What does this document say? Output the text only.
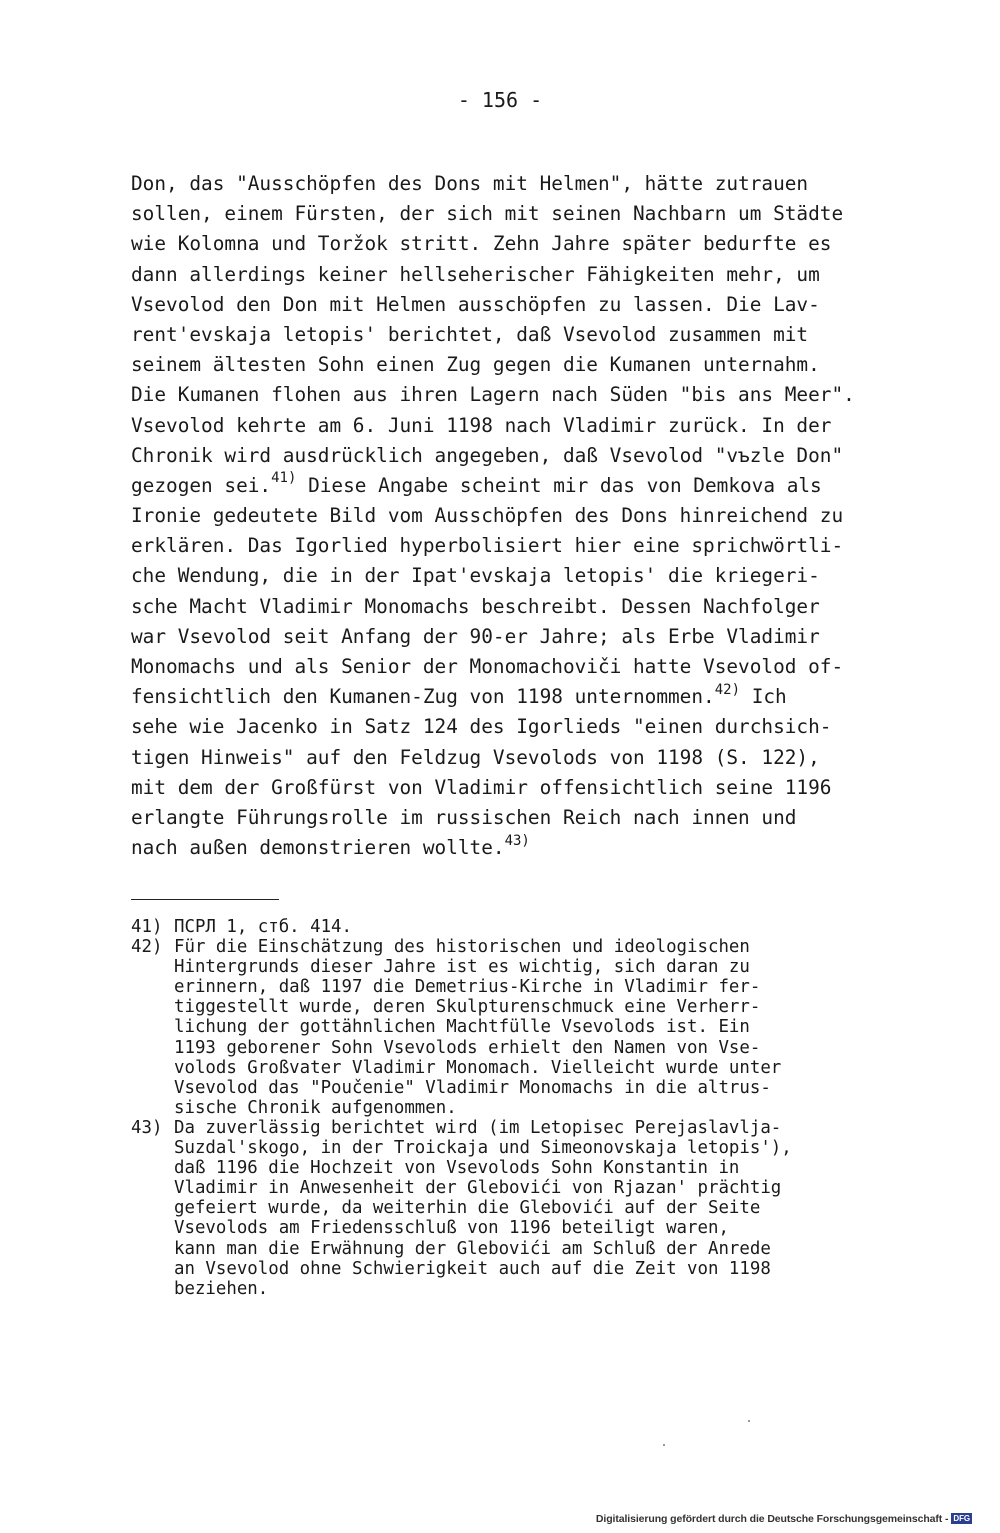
- 156 -
Don, das "Ausschöpfen des Dons mit Helmen", hätte zutrauen
sollen, einem Fürsten, der sich mit seinen Nachbarn um Städte
wie Kolomna und Toržok stritt. Zehn Jahre später bedurfte es
dann allerdings keiner hellseherischer Fähigkeiten mehr, um
Vsevolod den Don mit Helmen ausschöpfen zu lassen. Die Lav-
rent'evskaja letopis' berichtet, daß Vsevolod zusammen mit
seinem ältesten Sohn einen Zug gegen die Kumanen unternahm.
Die Kumanen flohen aus ihren Lagern nach Süden "bis ans Meer".
Vsevolod kehrte am 6. Juni 1198 nach Vladimir zurück. In der
Chronik wird ausdrücklich angegeben, daß Vsevolod "vъzle Don"
gezogen sei.$^{41)}$ Diese Angabe scheint mir das von Demkova als
Ironie gedeutete Bild vom Ausschöpfen des Dons hinreichend zu
erklären. Das Igorlied hyperbolisiert hier eine sprichwörtli-
che Wendung, die in der Ipat'evskaja letopis' die kriegeri-
sche Macht Vladimir Monomachs beschreibt. Dessen Nachfolger
war Vsevolod seit Anfang der 90-er Jahre; als Erbe Vladimir
Monomachs und als Senior der Monomachoviči hatte Vsevolod of-
fensichtlich den Kumanen-Zug von 1198 unternommen.$^{42)}$ Ich
sehe wie Jacenko in Satz 124 des Igorlieds "einen durchsich-
tigen Hinweis" auf den Feldzug Vsevolods von 1198 (S. 122),
mit dem der Großfürst von Vladimir offensichtlich seine 1196
erlangte Führungsrolle im russischen Reich nach innen und
nach außen demonstrieren wollte.$^{43)}$
41) ПСРЛ 1, стб. 414.
42) Für die Einschätzung des historischen und ideologischen
Hintergrunds dieser Jahre ist es wichtig, sich daran zu
erinnern, daß 1197 die Demetrius-Kirche in Vladimir fer-
tiggestellt wurde, deren Skulpturenschmuck eine Verherr-
lichung der gottähnlichen Machtfülle Vsevolods ist. Ein
1193 geborener Sohn Vsevolods erhielt den Namen von Vse-
volods Großvater Vladimir Monomach. Vielleicht wurde unter
Vsevolod das "Poučenie" Vladimir Monomachs in die altrus-
sische Chronik aufgenommen.
43) Da zuverlässig berichtet wird (im Letopisec Perejaslavlja-
Suzdal'skogo, in der Troickaja und Simeonovskaja letopis'),
daß 1196 die Hochzeit von Vsevolods Sohn Konstantin in
Vladimir in Anwesenheit der Glebovići von Rjazan' prächtig
gefeiert wurde, da weiterhin die Glebovići auf der Seite
Vsevolods am Friedensschluß von 1196 beteiligt waren,
kann man die Erwähnung der Glebovići am Schluß der Anrede
an Vsevolod ohne Schwierigkeit auch auf die Zeit von 1198
beziehen.
Digitalisierung gefördert durch die Deutsche Forschungsgemeinschaft - DFG
